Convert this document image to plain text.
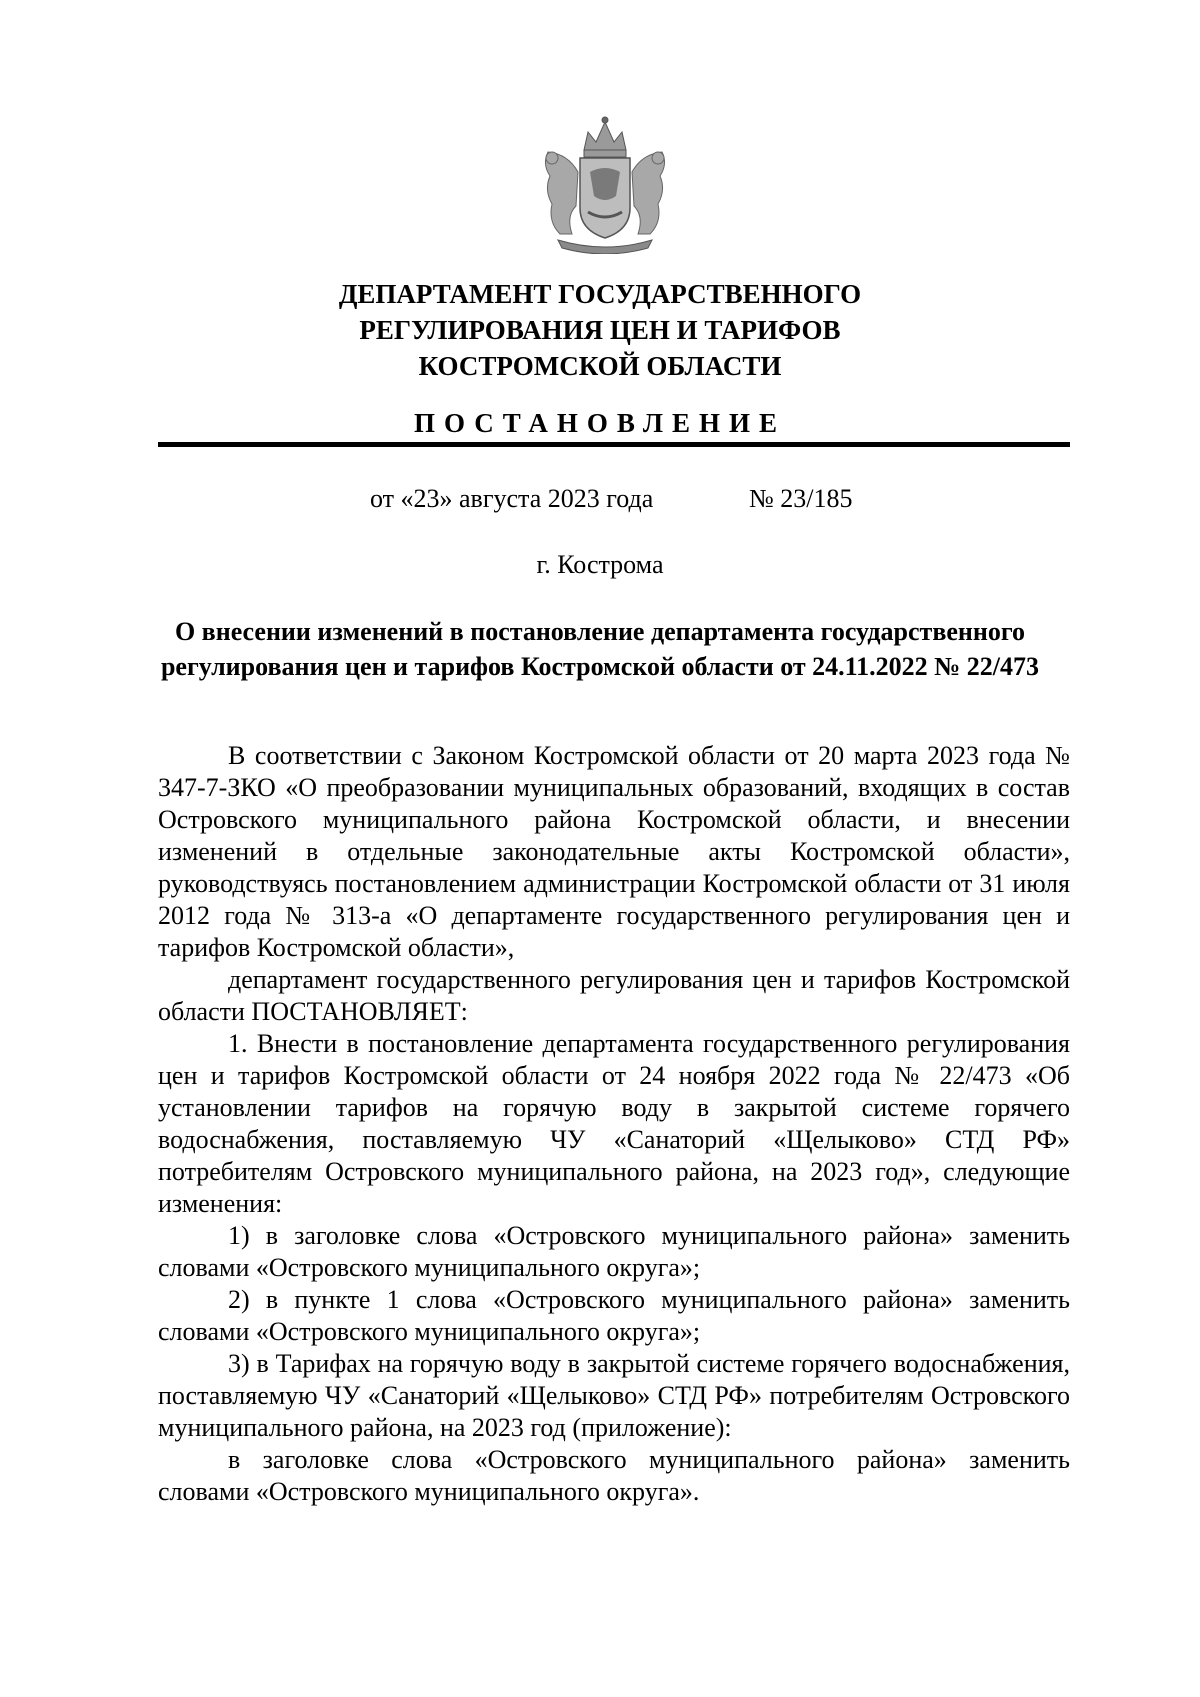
ДЕПАРТАМЕНТ ГОСУДАРСТВЕННОГО
РЕГУЛИРОВАНИЯ ЦЕН И ТАРИФОВ
КОСТРОМСКОЙ ОБЛАСТИ
ПОСТАНОВЛЕНИЕ
от «23» августа 2023 года	№ 23/185
г. Кострома
О внесении изменений в постановление департамента государственного
регулирования цен и тарифов Костромской области от 24.11.2022 № 22/473

В соответствии с Законом Костромской области от 20 марта 2023 года № 347-7-ЗКО «О преобразовании муниципальных образований, входящих в состав Островского муниципального района Костромской области, и внесении изменений в отдельные законодательные акты Костромской области», руководствуясь постановлением администрации Костромской области от 31 июля 2012 года № 313-а «О департаменте государственного регулирования цен и тарифов Костромской области»,

департамент государственного регулирования цен и тарифов Костромской области ПОСТАНОВЛЯЕТ:

1. Внести в постановление департамента государственного регулирования цен и тарифов Костромской области от 24 ноября 2022 года № 22/473 «Об установлении тарифов на горячую воду в закрытой системе горячего водоснабжения, поставляемую ЧУ «Санаторий «Щелыково» СТД РФ» потребителям Островского муниципального района, на 2023 год», следующие изменения:

1) в заголовке слова «Островского муниципального района» заменить словами «Островского муниципального округа»;

2) в пункте 1 слова «Островского муниципального района» заменить словами «Островского муниципального округа»;

3) в Тарифах на горячую воду в закрытой системе горячего водоснабжения, поставляемую ЧУ «Санаторий «Щелыково» СТД РФ» потребителям Островского муниципального района, на 2023 год (приложение):

в заголовке слова «Островского муниципального района» заменить словами «Островского муниципального округа».
